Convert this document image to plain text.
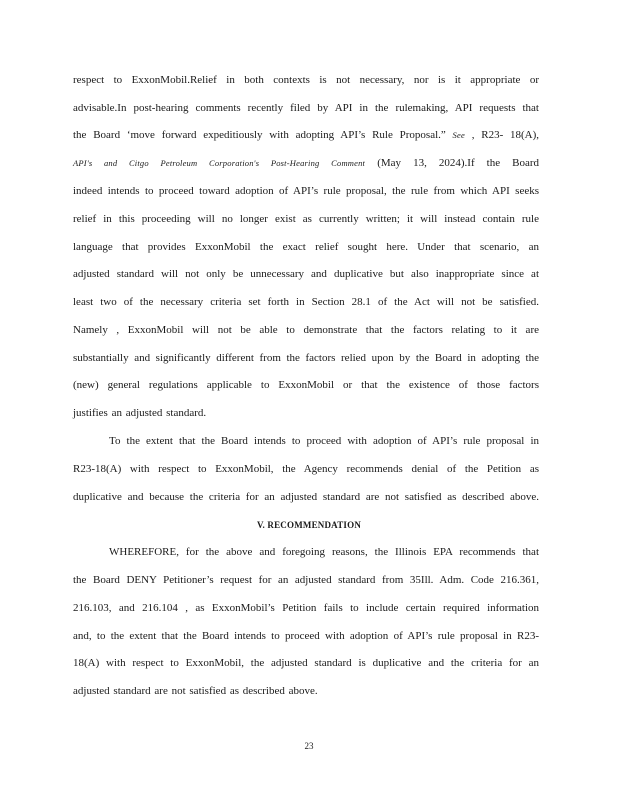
respect to ExxonMobil.Relief in both contexts is not necessary, nor is it appropriate or
advisable.In post-hearing comments recently filed by API in the rulemaking, API requests that
the Board ‘move forward expeditiously with adopting API’s Rule Proposal.” See , R23- 18(A),
API's and Citgo Petroleum Corporation's Post-Hearing Comment (May 13, 2024).If the Board
indeed intends to proceed toward adoption of API’s rule proposal, the rule from which API seeks
relief in this proceeding will no longer exist as currently written; it will instead contain rule
language that provides ExxonMobil the exact relief sought here. Under that scenario, an
adjusted standard will not only be unnecessary and duplicative but also inappropriate since at
least two of the necessary criteria set forth in Section 28.1 of the Act will not be satisfied.
Namely , ExxonMobil will not be able to demonstrate that the factors relating to it are
substantially and significantly different from the factors relied upon by the Board in adopting the
(new) general regulations applicable to ExxonMobil or that the existence of those factors
justifies an adjusted standard.
To the extent that the Board intends to proceed with adoption of API’s rule proposal in
R23-18(A) with respect to ExxonMobil, the Agency recommends denial of the Petition as
duplicative and because the criteria for an adjusted standard are not satisfied as described above.
V. RECOMMENDATION
WHEREFORE, for the above and foregoing reasons, the Illinois EPA recommends that
the Board DENY Petitioner’s request for an adjusted standard from 35Ill. Adm. Code 216.361,
216.103, and 216.104 , as ExxonMobil’s Petition fails to include certain required information
and, to the extent that the Board intends to proceed with adoption of API’s rule proposal in R23-
18(A) with respect to ExxonMobil, the adjusted standard is duplicative and the criteria for an
adjusted standard are not satisfied as described above.
23
